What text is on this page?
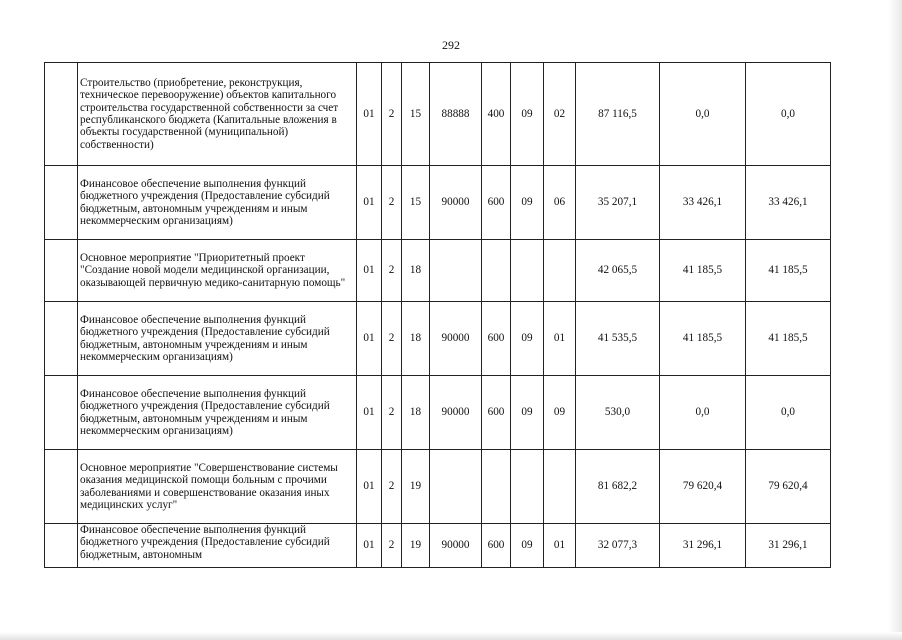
292
	Строительство (приобретение, реконструкция, техническое перевооружение) объектов капитального строительства государственной собственности за счет республиканского бюджета (Капитальные вложения в объекты государственной (муниципальной) собственности)	01	2	15	88888	400	09	02	87 116,5	0,0	0,0
	Финансовое обеспечение выполнения функций бюджетного учреждения (Предоставление субсидий бюджетным, автономным учреждениям и иным некоммерческим организациям)	01	2	15	90000	600	09	06	35 207,1	33 426,1	33 426,1
	Основное мероприятие "Приоритетный проект "Создание новой модели медицинской организации, оказывающей первичную медико-санитарную помощь"	01	2	18					42 065,5	41 185,5	41 185,5
	Финансовое обеспечение выполнения функций бюджетного учреждения (Предоставление субсидий бюджетным, автономным учреждениям и иным некоммерческим организациям)	01	2	18	90000	600	09	01	41 535,5	41 185,5	41 185,5
	Финансовое обеспечение выполнения функций бюджетного учреждения (Предоставление субсидий бюджетным, автономным учреждениям и иным некоммерческим организациям)	01	2	18	90000	600	09	09	530,0	0,0	0,0
	Основное мероприятие "Совершенствование системы оказания медицинской помощи больным с прочими заболеваниями и совершенствование оказания иных медицинских услуг"	01	2	19					81 682,2	79 620,4	79 620,4
	Финансовое обеспечение выполнения функций бюджетного учреждения (Предоставление субсидий бюджетным, автономным	01	2	19	90000	600	09	01	32 077,3	31 296,1	31 296,1
